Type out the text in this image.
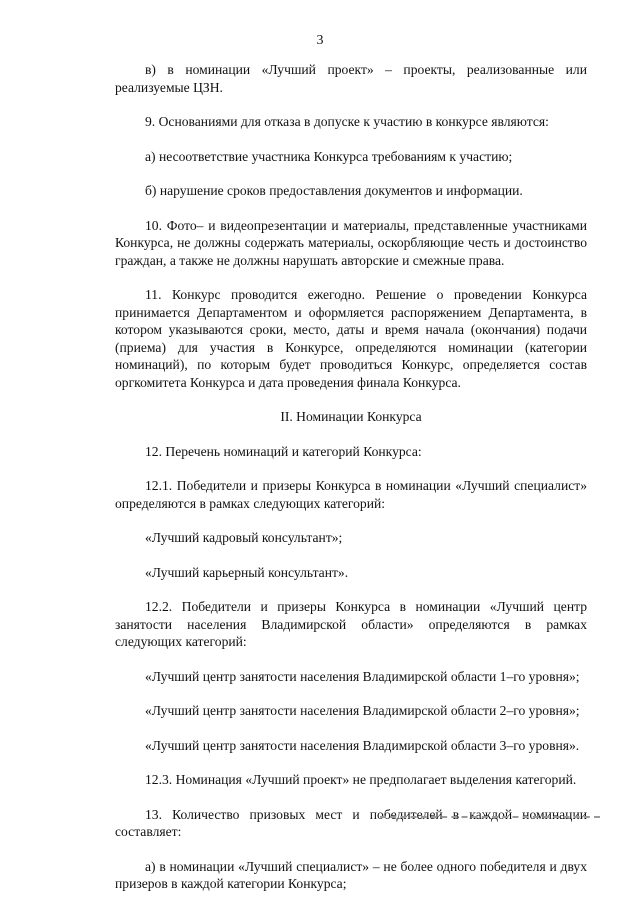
3

в) в номинации «Лучший проект» – проекты, реализованные или реализуемые ЦЗН.

9. Основаниями для отказа в допуске к участию в конкурсе являются:

а) несоответствие участника Конкурса требованиям к участию;

б) нарушение сроков предоставления документов и информации.

10. Фото– и видеопрезентации и материалы, представленные участниками Конкурса, не должны содержать материалы, оскорбляющие честь и достоинство граждан, а также не должны нарушать авторские и смежные права.

11. Конкурс проводится ежегодно. Решение о проведении Конкурса принимается Департаментом и оформляется распоряжением Департамента, в котором указываются сроки, место, даты и время начала (окончания) подачи (приема) для участия в Конкурсе, определяются номинации (категории номинаций), по которым будет проводиться Конкурс, определяется состав оргкомитета Конкурса и дата проведения финала Конкурса.

II. Номинации Конкурса

12. Перечень номинаций и категорий Конкурса:

12.1. Победители и призеры Конкурса в номинации «Лучший специалист» определяются в рамках следующих категорий:

«Лучший кадровый консультант»;

«Лучший карьерный консультант».

12.2. Победители и призеры Конкурса в номинации «Лучший центр занятости населения Владимирской области» определяются в рамках следующих категорий:

«Лучший центр занятости населения Владимирской области 1–го уровня»;

«Лучший центр занятости населения Владимирской области 2–го уровня»;

«Лучший центр занятости населения Владимирской области 3–го уровня».

12.3. Номинация «Лучший проект» не предполагает выделения категорий.

13. Количество призовых мест и победителей в каждой номинации составляет:

а) в номинации «Лучший специалист» – не более одного победителя и двух призеров в каждой категории Конкурса;
